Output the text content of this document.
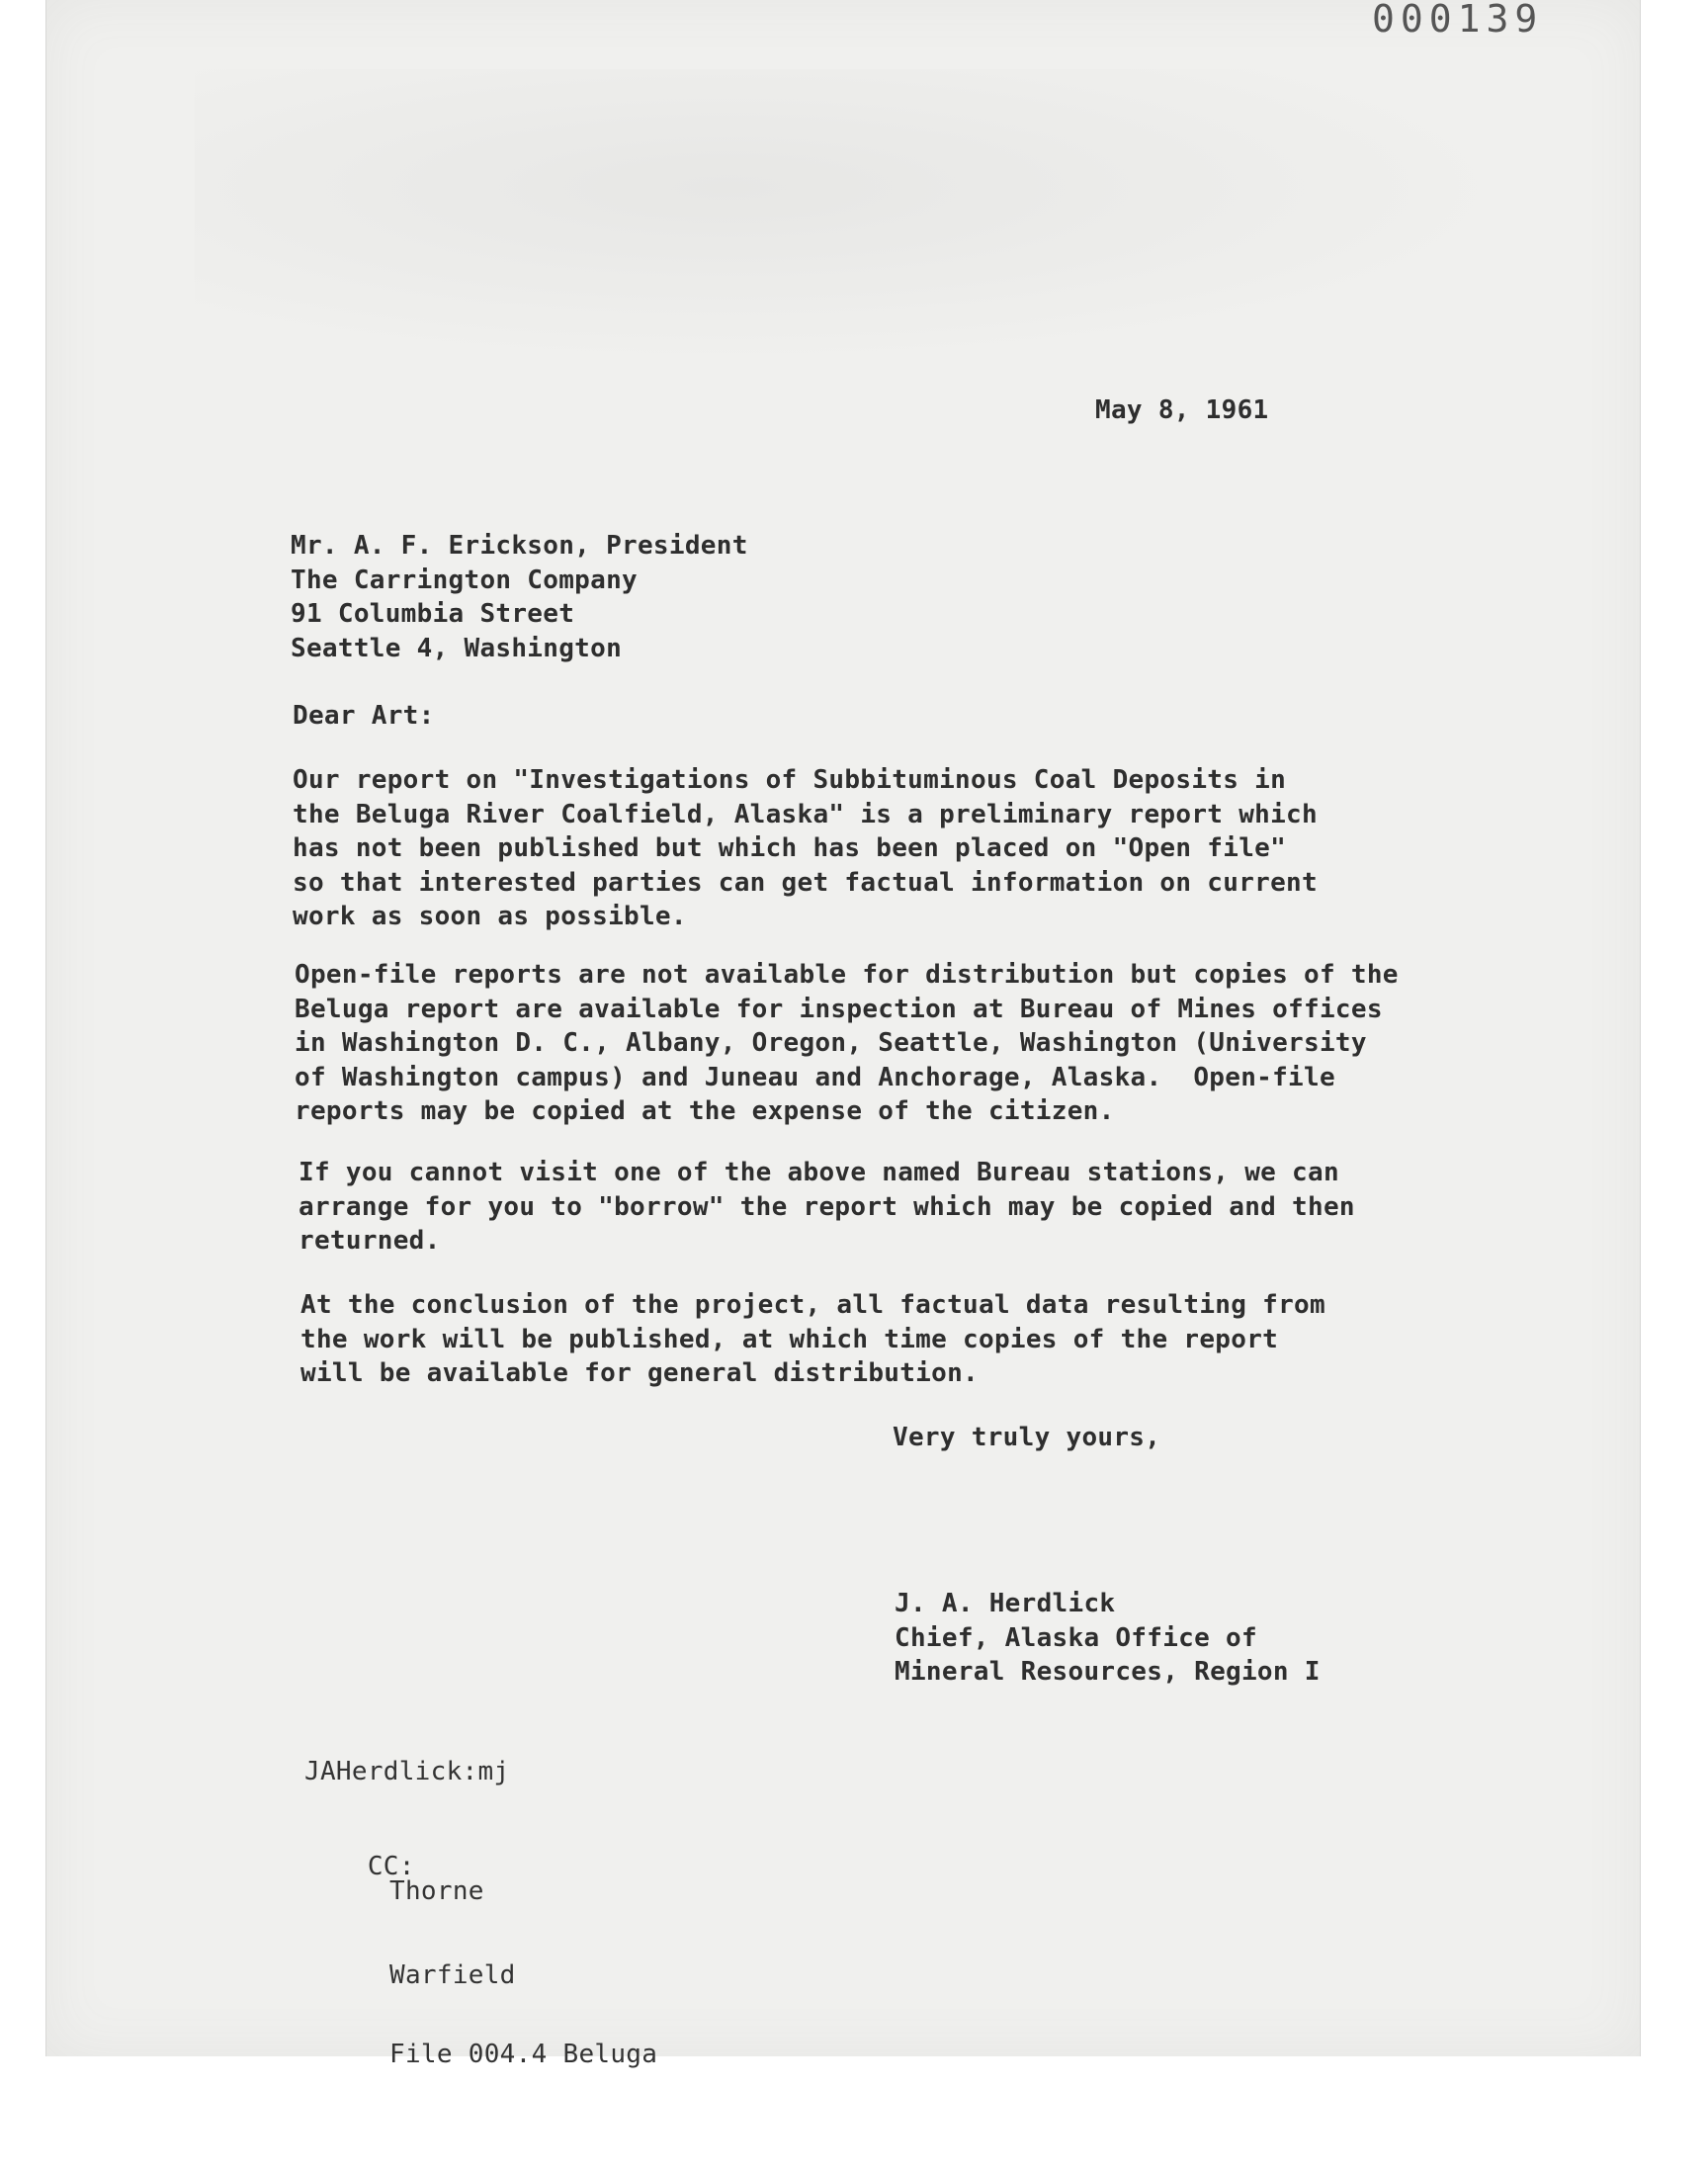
000139
May 8, 1961
Mr. A. F. Erickson, President
The Carrington Company
91 Columbia Street
Seattle 4, Washington
Dear Art:
Our report on "Investigations of Subbituminous Coal Deposits in
the Beluga River Coalfield, Alaska" is a preliminary report which
has not been published but which has been placed on "Open file"
so that interested parties can get factual information on current
work as soon as possible.
Open-file reports are not available for distribution but copies of the
Beluga report are available for inspection at Bureau of Mines offices
in Washington D. C., Albany, Oregon, Seattle, Washington (University
of Washington campus) and Juneau and Anchorage, Alaska.  Open-file
reports may be copied at the expense of the citizen.
If you cannot visit one of the above named Bureau stations, we can
arrange for you to "borrow" the report which may be copied and then
returned.
At the conclusion of the project, all factual data resulting from
the work will be published, at which time copies of the report
will be available for general distribution.
Very truly yours,
J. A. Herdlick
Chief, Alaska Office of
Mineral Resources, Region I
JAHerdlick:mj

CC:

Thorne

Warfield

File 004.4 Beluga
